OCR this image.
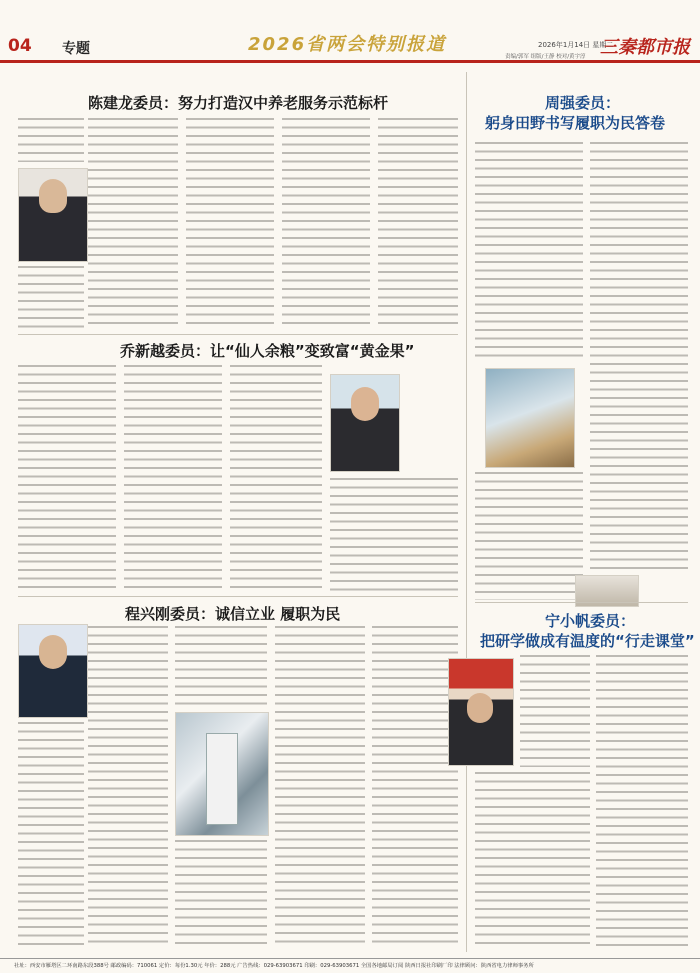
04 专题	2026省两会特别报道	2026年1月14日 星期二
三秦都市报
责编/郭军 组版/王静 校对/黄宇淳
陈建龙委员：努力打造汉中养老服务示范标杆
乔新越委员：让“仙人余粮”变致富“黄金果”
程兴刚委员：诚信立业 履职为民
周强委员：
躬身田野书写履职为民答卷
宁小帆委员：
把研学做成有温度的“行走课堂”
社址：西安市雁塔区二环南路东段388号 邮政编码：710061 定价：每份1.30元 年价：288元 广告热线：029-63903671 印刷：029-63903671 全国各地邮局订阅 陕西日报社印刷厂印 法律顾问：陕西省电力律师事务所
